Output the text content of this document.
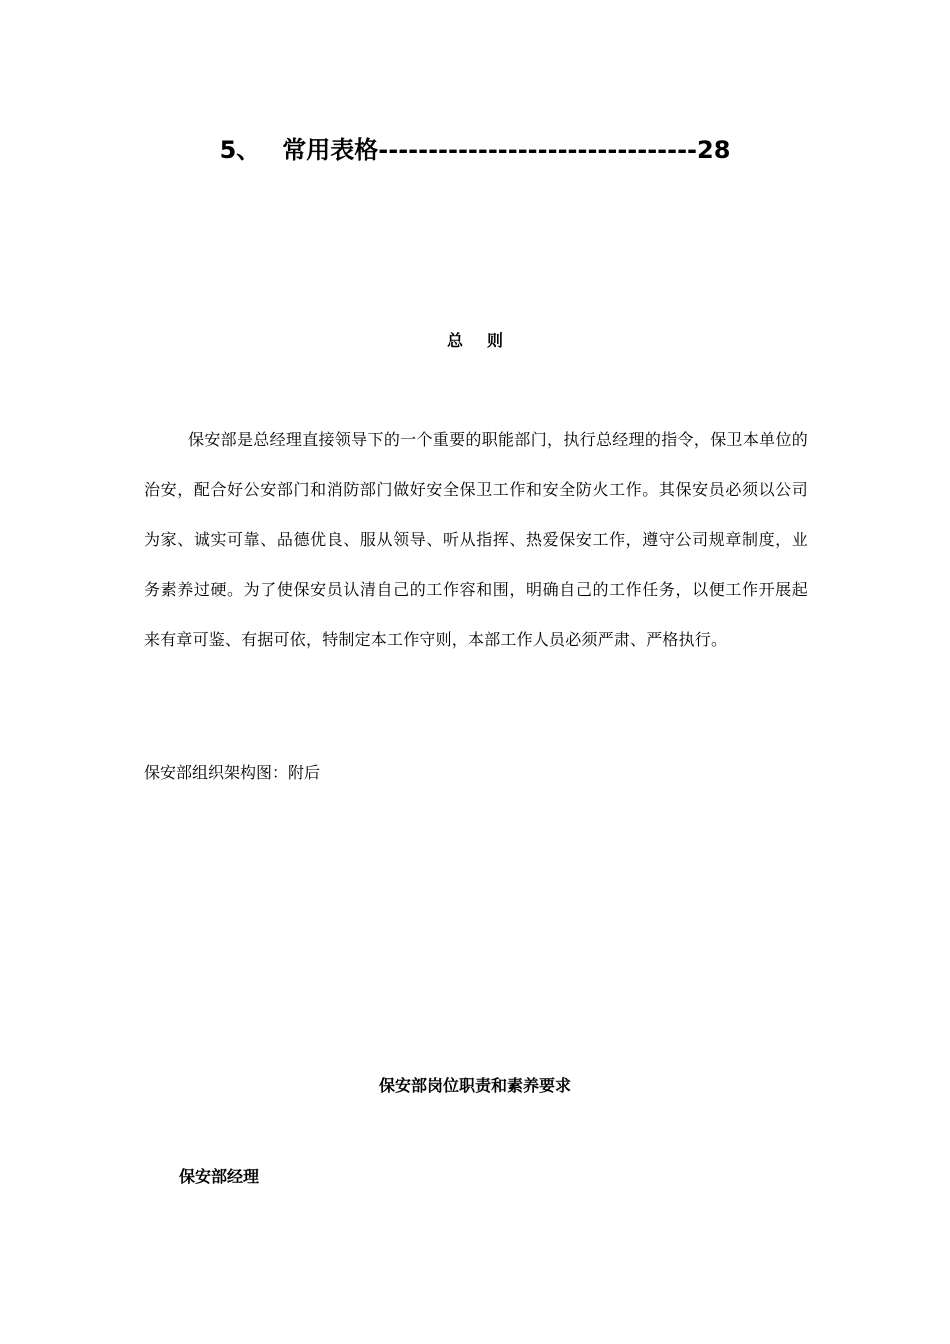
5、 常用表格--------------------------------28
总则

保安部是总经理直接领导下的一个重要的职能部门，执行总经理的指令，保卫本单位的治安，配合好公安部门和消防部门做好安全保卫工作和安全防火工作。其保安员必须以公司为家、诚实可靠、品德优良、服从领导、听从指挥、热爱保安工作，遵守公司规章制度，业务素养过硬。为了使保安员认清自己的工作容和围，明确自己的工作任务，以便工作开展起来有章可鉴、有据可依，特制定本工作守则，本部工作人员必须严肃、严格执行。

保安部组织架构图：附后
保安部岗位职责和素养要求
保安部经理
